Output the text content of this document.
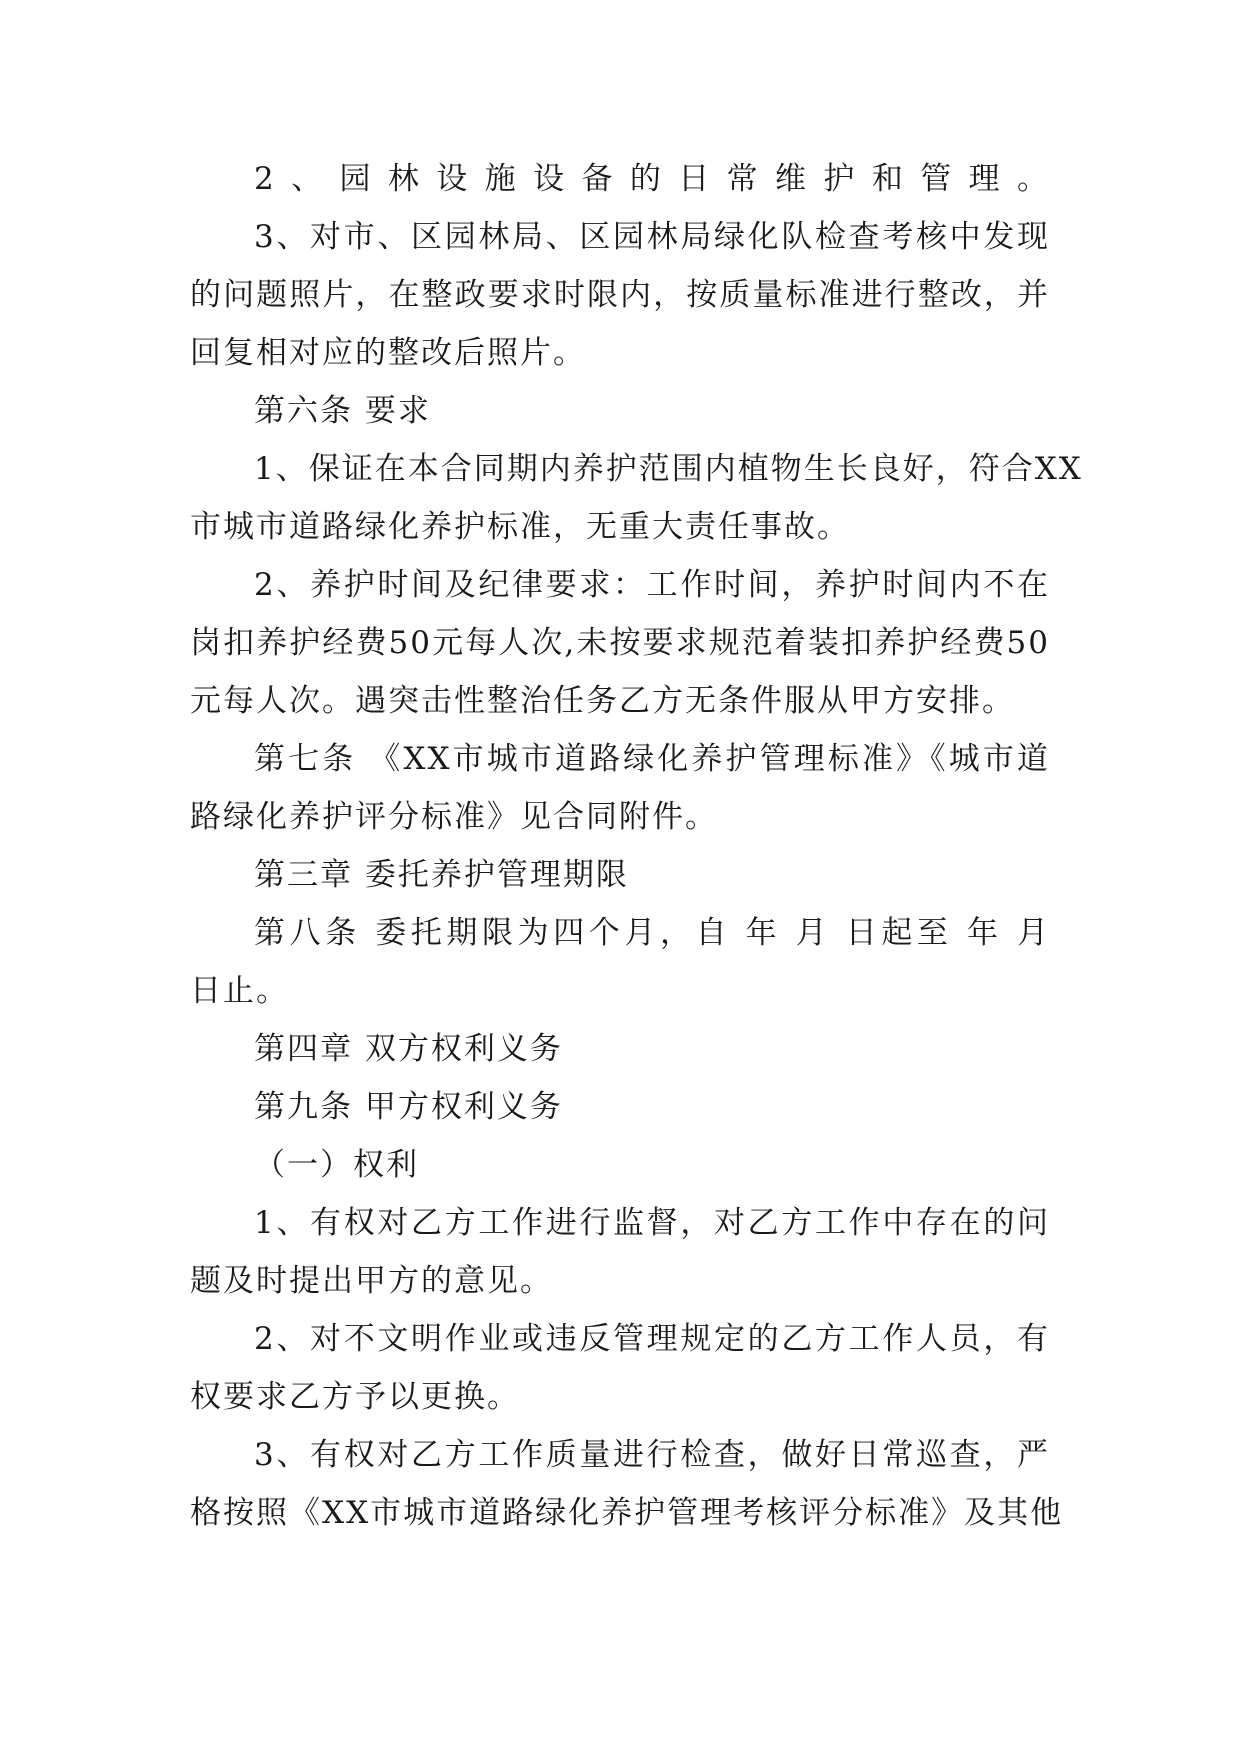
2、园林设施设备的日常维护和管理。
3、对市、区园林局、区园林局绿化队检查考核中发现
的问题照片，在整政要求时限内，按质量标准进行整改，并
回复相对应的整改后照片。
第六条 要求
1、保证在本合同期内养护范围内植物生长良好，符合XX
市城市道路绿化养护标准，无重大责任事故。
2、养护时间及纪律要求：工作时间，养护时间内不在
岗扣养护经费50元每人次,未按要求规范着装扣养护经费50
元每人次。遇突击性整治任务乙方无条件服从甲方安排。
第七条 《XX市城市道路绿化养护管理标准》《城市道
路绿化养护评分标准》见合同附件。
第三章 委托养护管理期限
第八条 委托期限为四个月，自 年 月 日起至 年 月
日止。
第四章 双方权利义务
第九条 甲方权利义务
（一）权利
1、有权对乙方工作进行监督，对乙方工作中存在的问
题及时提出甲方的意见。
2、对不文明作业或违反管理规定的乙方工作人员，有
权要求乙方予以更换。
3、有权对乙方工作质量进行检查，做好日常巡查，严
格按照《XX市城市道路绿化养护管理考核评分标准》及其他
